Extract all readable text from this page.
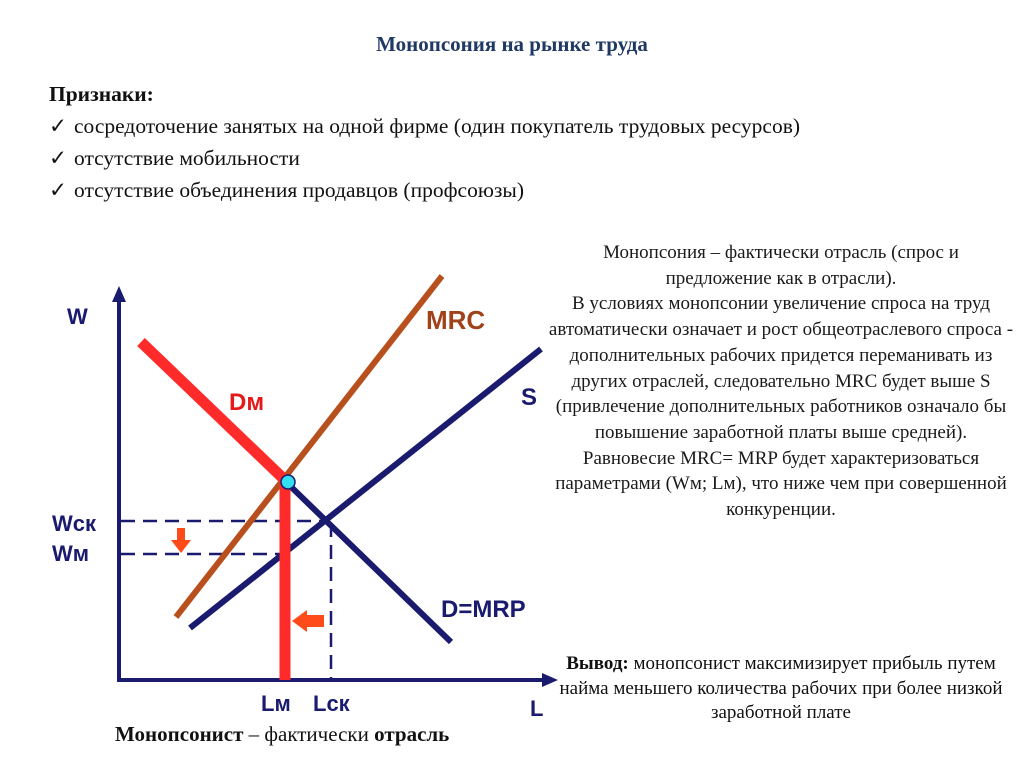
Монопсония на рынке труда
Признаки:
✓ сосредоточение занятых на одной фирме (один покупатель трудовых ресурсов)
✓ отсутствие мобильности
✓ отсутствие объединения продавцов (профсоюзы)

Монопсония – фактически отрасль (спрос и предложение как в отрасли).

В условиях монопсонии увеличение спроса на труд автоматически означает и рост общеотраслевого спроса - дополнительных рабочих придется переманивать из других отраслей, следовательно MRC будет выше S (привлечение дополнительных работников означало бы повышение заработной платы выше средней).

Равновесие MRC= MRP будет характеризоваться параметрами (Wм; Lм), что ниже чем при совершенной конкуренции.

Вывод: монопсонист максимизирует прибыль путем найма меньшего количества рабочих при более низкой заработной плате
Монопсонист – фактически отрасль
W
L
MRC
S
Dм
D=MRP
Wск
Wм
Lм Lск
